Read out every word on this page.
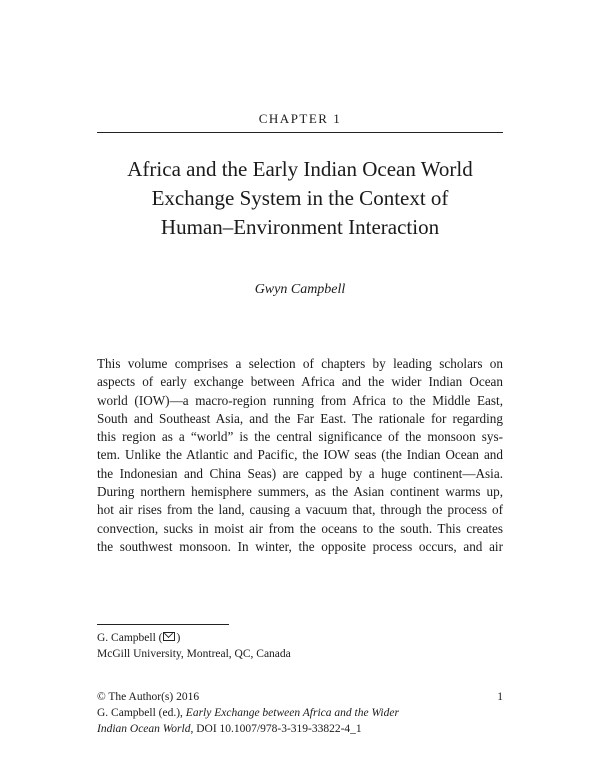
CHAPTER 1
Africa and the Early Indian Ocean World
Exchange System in the Context of
Human–Environment Interaction
Gwyn Campbell
This volume comprises a selection of chapters by leading scholars on
aspects of early exchange between Africa and the wider Indian Ocean
world (IOW)—a macro-region running from Africa to the Middle East,
South and Southeast Asia, and the Far East. The rationale for regarding
this region as a “world” is the central significance of the monsoon sys-
tem. Unlike the Atlantic and Pacific, the IOW seas (the Indian Ocean and
the Indonesian and China Seas) are capped by a huge continent—Asia.
During northern hemisphere summers, as the Asian continent warms up,
hot air rises from the land, causing a vacuum that, through the process of
convection, sucks in moist air from the oceans to the south. This creates
the southwest monsoon. In winter, the opposite process occurs, and air
G. Campbell ( )
McGill University, Montreal, QC, Canada
© The Author(s) 2016	1
G. Campbell (ed.), Early Exchange between Africa and the Wider
Indian Ocean World, DOI 10.1007/978-3-319-33822-4_1
